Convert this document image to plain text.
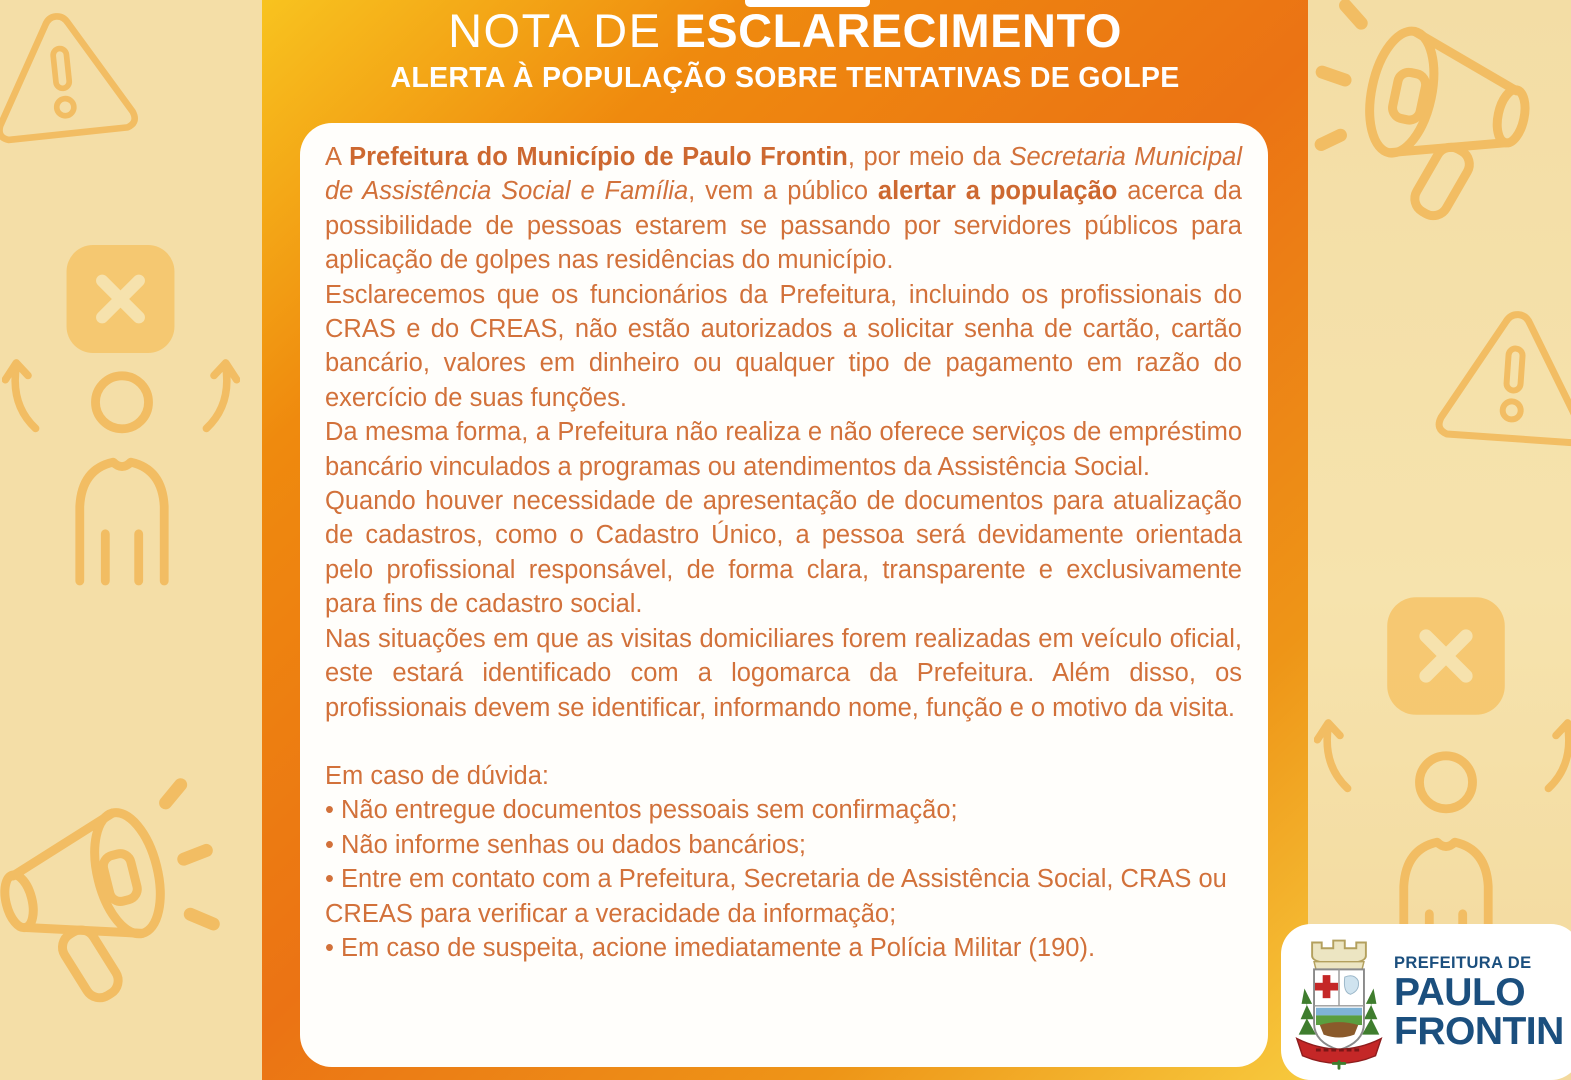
NOTA DE ESCLARECIMENTO
ALERTA À POPULAÇÃO SOBRE TENTATIVAS DE GOLPE

A Prefeitura do Município de Paulo Frontin, por meio da Secretaria Municipal de Assistência Social e Família, vem a público alertar a população acerca da possibilidade de pessoas estarem se passando por servidores públicos para aplicação de golpes nas residências do município.

Esclarecemos que os funcionários da Prefeitura, incluindo os profissionais do CRAS e do CREAS, não estão autorizados a solicitar senha de cartão, cartão bancário, valores em dinheiro ou qualquer tipo de pagamento em razão do exercício de suas funções.

Da mesma forma, a Prefeitura não realiza e não oferece serviços de empréstimo bancário vinculados a programas ou atendimentos da Assistência Social.

Quando houver necessidade de apresentação de documentos para atualização de cadastros, como o Cadastro Único, a pessoa será devidamente orientada pelo profissional responsável, de forma clara, transparente e exclusivamente para fins de cadastro social.

Nas situações em que as visitas domiciliares forem realizadas em veículo oficial, este estará identificado com a logomarca da Prefeitura. Além disso, os profissionais devem se identificar, informando nome, função e o motivo da visita.

Em caso de dúvida:

• Não entregue documentos pessoais sem confirmação;

• Não informe senhas ou dados bancários;

• Entre em contato com a Prefeitura, Secretaria de Assistência Social, CRAS ou CREAS para verificar a veracidade da informação;

• Em caso de suspeita, acione imediatamente a Polícia Militar (190).

PREFEITURA DE
PAULO
FRONTIN
